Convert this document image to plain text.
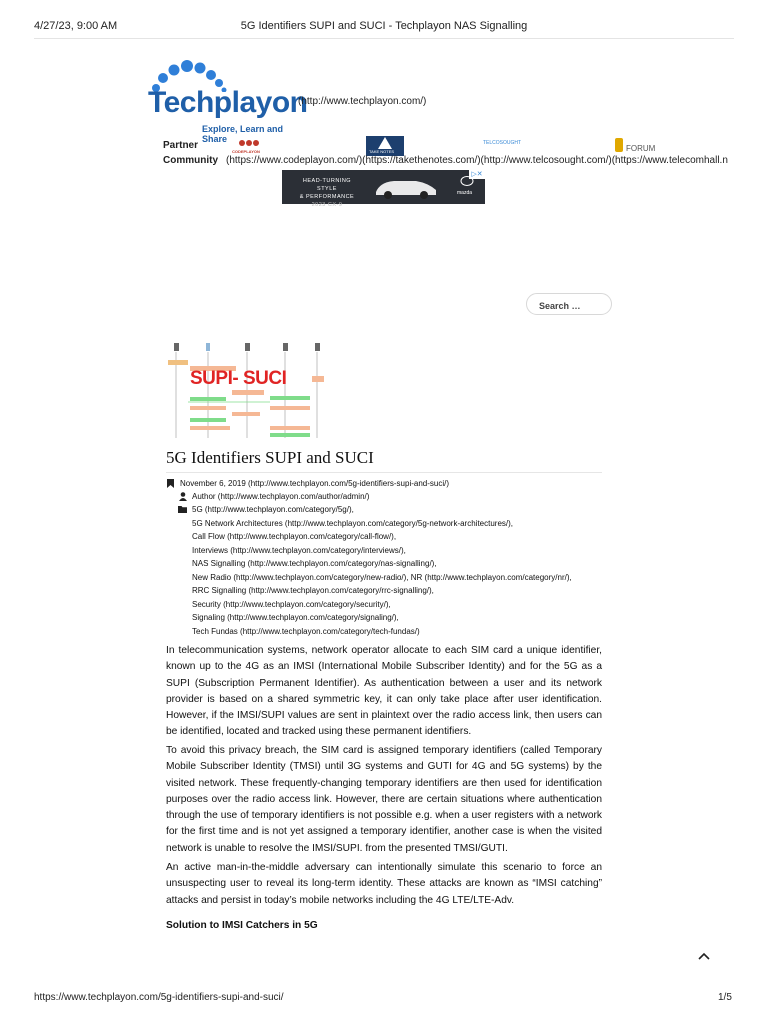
4/27/23, 9:00 AM	5G Identifiers SUPI and SUCI - Techplayon NAS Signalling
Techplayon
Explore, Learn and Share
(http://www.techplayon.com/)
Partner
Community
CODEPLAYON	TAKE NOTES
TELCOSOUGHT
FORUM
(https://www.codeplayon.com/)(https://takethenotes.com/)(http://www.telcosought.com/)(https://www.telecomhall.n
HEAD-TURNING STYLE
& PERFORMANCE
2023 CX-9
mazda
▷✕
Search …
SUPI- SUCI
5G Identifiers SUPI and SUCI
November 6, 2019 (http://www.techplayon.com/5g-identifiers-supi-and-suci/)
Author (http://www.techplayon.com/author/admin/)
5G (http://www.techplayon.com/category/5g/),
5G Network Architectures (http://www.techplayon.com/category/5g-network-architectures/),
Call Flow (http://www.techplayon.com/category/call-flow/),
Interviews (http://www.techplayon.com/category/interviews/),
NAS Signalling (http://www.techplayon.com/category/nas-signalling/),
New Radio (http://www.techplayon.com/category/new-radio/), NR (http://www.techplayon.com/category/nr/),
RRC Signalling (http://www.techplayon.com/category/rrc-signalling/),
Security (http://www.techplayon.com/category/security/),
Signaling (http://www.techplayon.com/category/signaling/),
Tech Fundas (http://www.techplayon.com/category/tech-fundas/)

In telecommunication systems, network operator allocate to each SIM card a unique identifier, known up to the 4G as an IMSI (International Mobile Subscriber Identity) and for the 5G as a SUPI (Subscription Permanent Identifier). As authentication between a user and its network provider is based on a shared symmetric key, it can only take place after user identification. However, if the IMSI/SUPI values are sent in plaintext over the radio access link, then users can be identified, located and tracked using these permanent identifiers.

To avoid this privacy breach, the SIM card is assigned temporary identifiers (called Temporary Mobile Subscriber Identity (TMSI) until 3G systems and GUTI for 4G and 5G systems) by the visited network. These frequently-changing temporary identifiers are then used for identification purposes over the radio access link. However, there are certain situations where authentication through the use of temporary identifiers is not possible e.g. when a user registers with a network for the first time and is not yet assigned a temporary identifier, another case is when the visited network is unable to resolve the IMSI/SUPI. from the presented TMSI/GUTI.

An active man-in-the-middle adversary can intentionally simulate this scenario to force an unsuspecting user to reveal its long-term identity. These attacks are known as “IMSI catching” attacks and persist in today’s mobile networks including the 4G LTE/LTE-Adv.

Solution to IMSI Catchers in 5G
https://www.techplayon.com/5g-identifiers-supi-and-suci/	1/5
